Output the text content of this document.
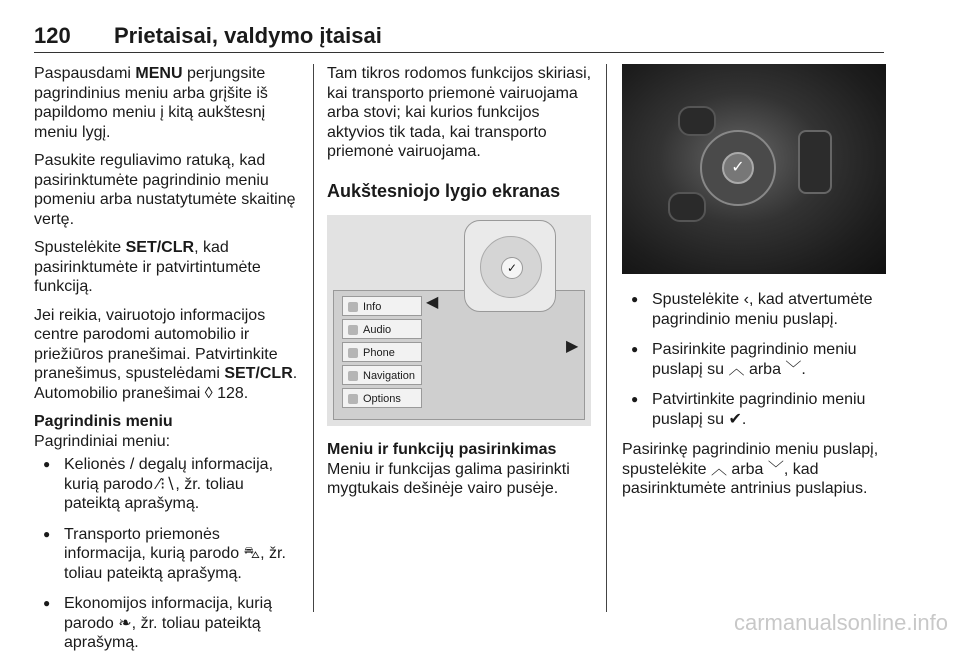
120 Prietaisai, valdymo įtaisai

Paspausdami MENU perjungsite pagrindinius meniu arba grįšite iš papildomo meniu į kitą aukštesnį meniu lygį.

Pasukite reguliavimo ratuką, kad pasirinktumėte pagrindinio meniu pomeniu arba nustatytumėte skaitinę vertę.

Spustelėkite SET/CLR, kad pasirinktumėte ir patvirtintumėte funkciją.

Jei reikia, vairuotojo informacijos centre parodomi automobilio ir priežiūros pranešimai. Patvirtinkite pranešimus, spustelėdami SET/CLR. Automobilio pranešimai ◊ 128.

Pagrindinis meniu

Pagrindiniai meniu:

● Kelionės / degalų informacija, kurią parodo ⁄⁝∖, žr. toliau pateiktą aprašymą.
● Transporto priemonės informacija, kurią parodo ⛍, žr. toliau pateiktą aprašymą.
● Ekonomijos informacija, kurią parodo ❧, žr. toliau pateiktą aprašymą.

Tam tikros rodomos funkcijos skiriasi, kai transporto priemonė vairuojama arba stovi; kai kurios funkcijos aktyvios tik tada, kai transporto priemonė vairuojama.

Aukštesniojo lygio ekranas
Info
Audio
Phone
Navigation
Options
◀
▶
✓

Meniu ir funkcijų pasirinkimas

Meniu ir funkcijas galima pasirinkti mygtukais dešinėje vairo pusėje.

✓
● Spustelėkite ‹, kad atvertumėte pagrindinio meniu puslapį.
● Pasirinkite pagrindinio meniu puslapį su ︿ arba ﹀.
● Patvirtinkite pagrindinio meniu puslapį su ✔.

Pasirinkę pagrindinio meniu puslapį, spustelėkite ︿ arba ﹀, kad pasirinktumėte antrinius puslapius.

carmanualsonline.info
